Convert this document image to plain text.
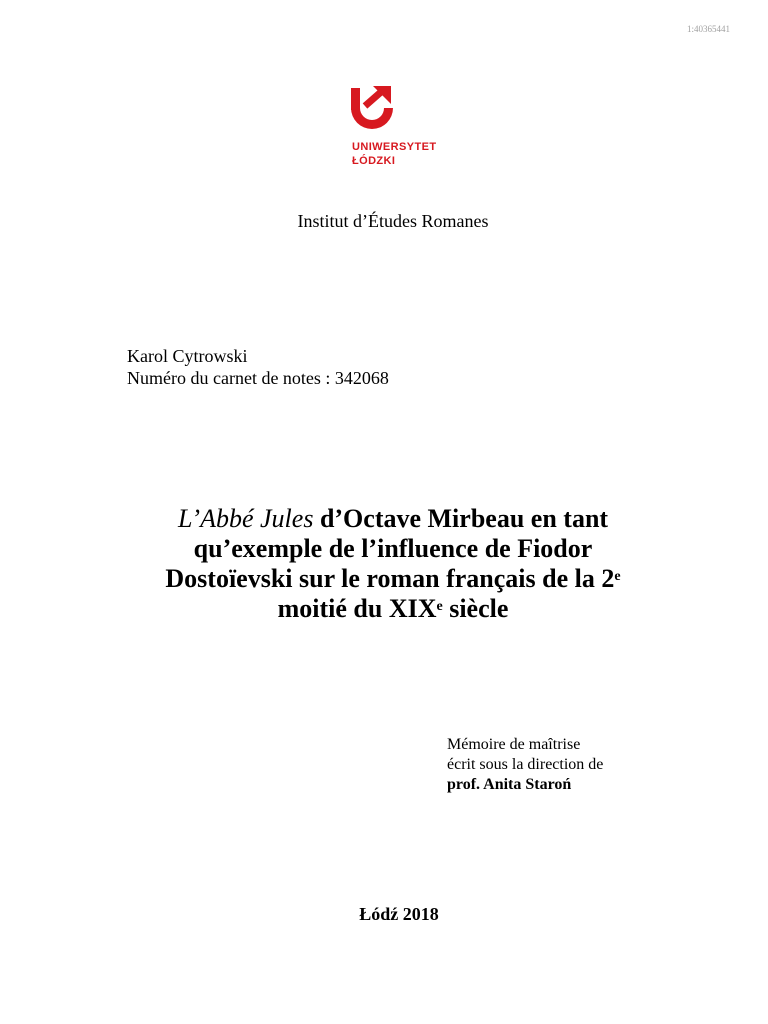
1:40365441
UNIWERSYTET
ŁÓDZKI
Institut d’Études Romanes
Karol Cytrowski
Numéro du carnet de notes : 342068
L’Abbé Jules d’Octave Mirbeau en tant
qu’exemple de l’influence de Fiodor
Dostoïevski sur le roman français de la 2e
moitié du XIXe siècle
Mémoire de maîtrise
écrit sous la direction de
prof. Anita Staroń
Łódź 2018
